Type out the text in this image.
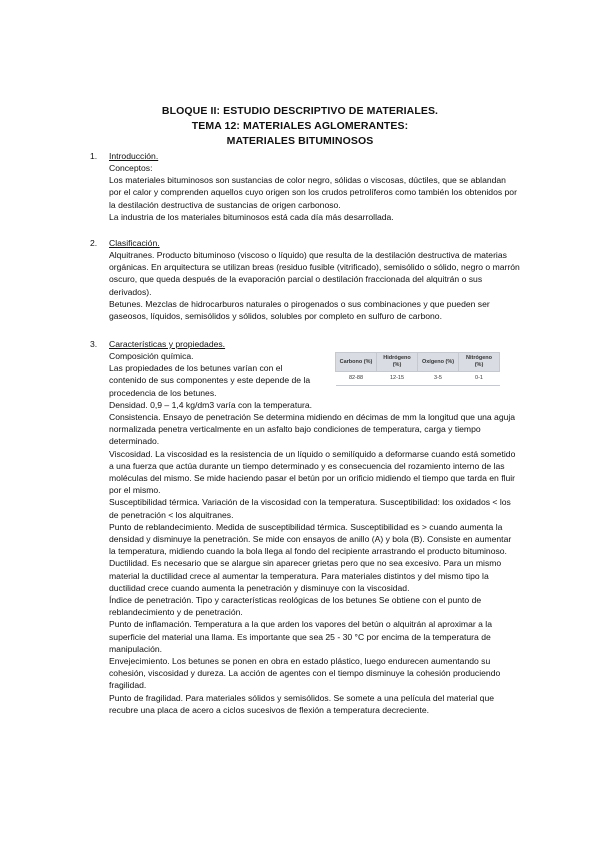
BLOQUE II: ESTUDIO DESCRIPTIVO DE MATERIALES.
TEMA 12: MATERIALES AGLOMERANTES:
MATERIALES BITUMINOSOS
1. Introducción.

Conceptos:

Los materiales bituminosos son sustancias de color negro, sólidas o viscosas, dúctiles, que se ablandan por el calor y comprenden aquellos cuyo origen son los crudos petrolíferos como también los obtenidos por la destilación destructiva de sustancias de origen carbonoso.

La industria de los materiales bituminosos está cada día más desarrollada.

2. Clasificación.

Alquitranes. Producto bituminoso (viscoso o líquido) que resulta de la destilación destructiva de materias orgánicas. En arquitectura se utilizan breas (residuo fusible (vitrificado), semisólido o sólido, negro o marrón oscuro, que queda después de la evaporación parcial o destilación fraccionada del alquitrán o sus derivados).

Betunes. Mezclas de hidrocarburos naturales o pirogenados o sus combinaciones y que pueden ser gaseosos, líquidos, semisólidos y sólidos, solubles por completo en sulfuro de carbono.

3. Características y propiedades.

Composición química.

Las propiedades de los betunes varían con el contenido de sus componentes y este depende de la procedencia de los betunes.

Densidad. 0,9 – 1,4 kg/dm3 varía con la temperatura.

Consistencia. Ensayo de penetración Se determina midiendo en décimas de mm la longitud que una aguja normalizada penetra verticalmente en un asfalto bajo condiciones de temperatura, carga y tiempo determinado.

Viscosidad. La viscosidad es la resistencia de un líquido o semilíquido a deformarse cuando está sometido a una fuerza que actúa durante un tiempo determinado y es consecuencia del rozamiento interno de las moléculas del mismo. Se mide haciendo pasar el betún por un orificio midiendo el tiempo que tarda en fluir por el mismo.

Susceptibilidad térmica. Variación de la viscosidad con la temperatura. Susceptibilidad: los oxidados < los de penetración < los alquitranes.

Punto de reblandecimiento. Medida de susceptibilidad térmica. Susceptibilidad es > cuando aumenta la densidad y disminuye la penetración. Se mide con ensayos de anillo (A) y bola (B). Consiste en aumentar la temperatura, midiendo cuando la bola llega al fondo del recipiente arrastrando el producto bituminoso.

Ductilidad. Es necesario que se alargue sin aparecer grietas pero que no sea excesivo. Para un mismo material la ductilidad crece al aumentar la temperatura. Para materiales distintos y del mismo tipo la ductilidad crece cuando aumenta la penetración y disminuye con la viscosidad.

Índice de penetración. Tipo y características reológicas de los betunes Se obtiene con el punto de reblandecimiento y de penetración.

Punto de inflamación. Temperatura a la que arden los vapores del betún o alquitrán al aproximar a la superficie del material una llama. Es importante que sea 25 - 30 °C por encima de la temperatura de manipulación.

Envejecimiento. Los betunes se ponen en obra en estado plástico, luego endurecen aumentando su cohesión, viscosidad y dureza. La acción de agentes con el tiempo disminuye la cohesión produciendo fragilidad.

Punto de fragilidad. Para materiales sólidos y semisólidos. Se somete a una película del material que recubre una placa de acero a ciclos sucesivos de flexión a temperatura decreciente.

Carbono (%)	Hidrógeno (%)	Oxígeno (%)	Nitrógeno (%)
82-88	12-15	3-5	0-1
